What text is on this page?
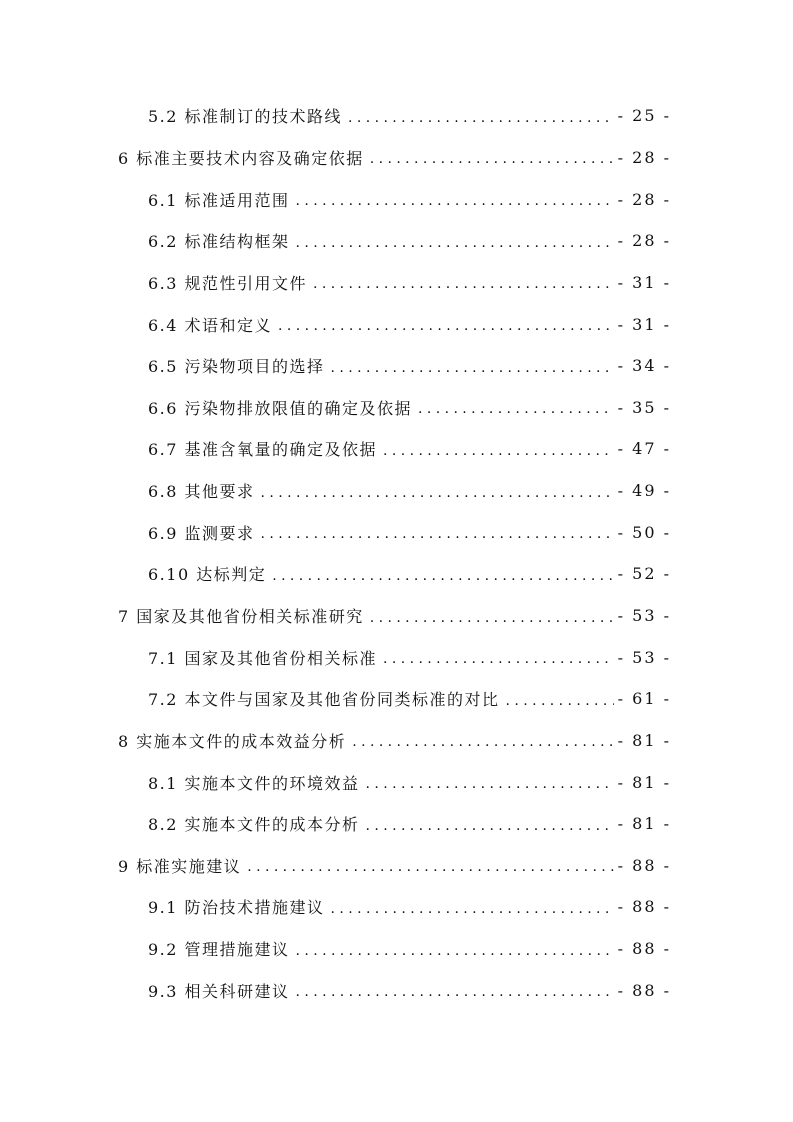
5.2 标准制订的技术路线 .....	- 25 -
6 标准主要技术内容及确定依据 .....	- 28 -
6.1 标准适用范围 .....	- 28 -
6.2 标准结构框架 .....	- 28 -
6.3 规范性引用文件 .....	- 31 -
6.4 术语和定义 .....	- 31 -
6.5 污染物项目的选择 .....	- 34 -
6.6 污染物排放限值的确定及依据 .....	- 35 -
6.7 基准含氧量的确定及依据 .....	- 47 -
6.8 其他要求 .....	- 49 -
6.9 监测要求 .....	- 50 -
6.10 达标判定 .....	- 52 -
7 国家及其他省份相关标准研究 .....	- 53 -
7.1 国家及其他省份相关标准 .....	- 53 -
7.2 本文件与国家及其他省份同类标准的对比 .....	- 61 -
8 实施本文件的成本效益分析 .....	- 81 -
8.1 实施本文件的环境效益 .....	- 81 -
8.2 实施本文件的成本分析 .....	- 81 -
9 标准实施建议 .....	- 88 -
9.1 防治技术措施建议 .....	- 88 -
9.2 管理措施建议 .....	- 88 -
9.3 相关科研建议 .....	- 88 -
